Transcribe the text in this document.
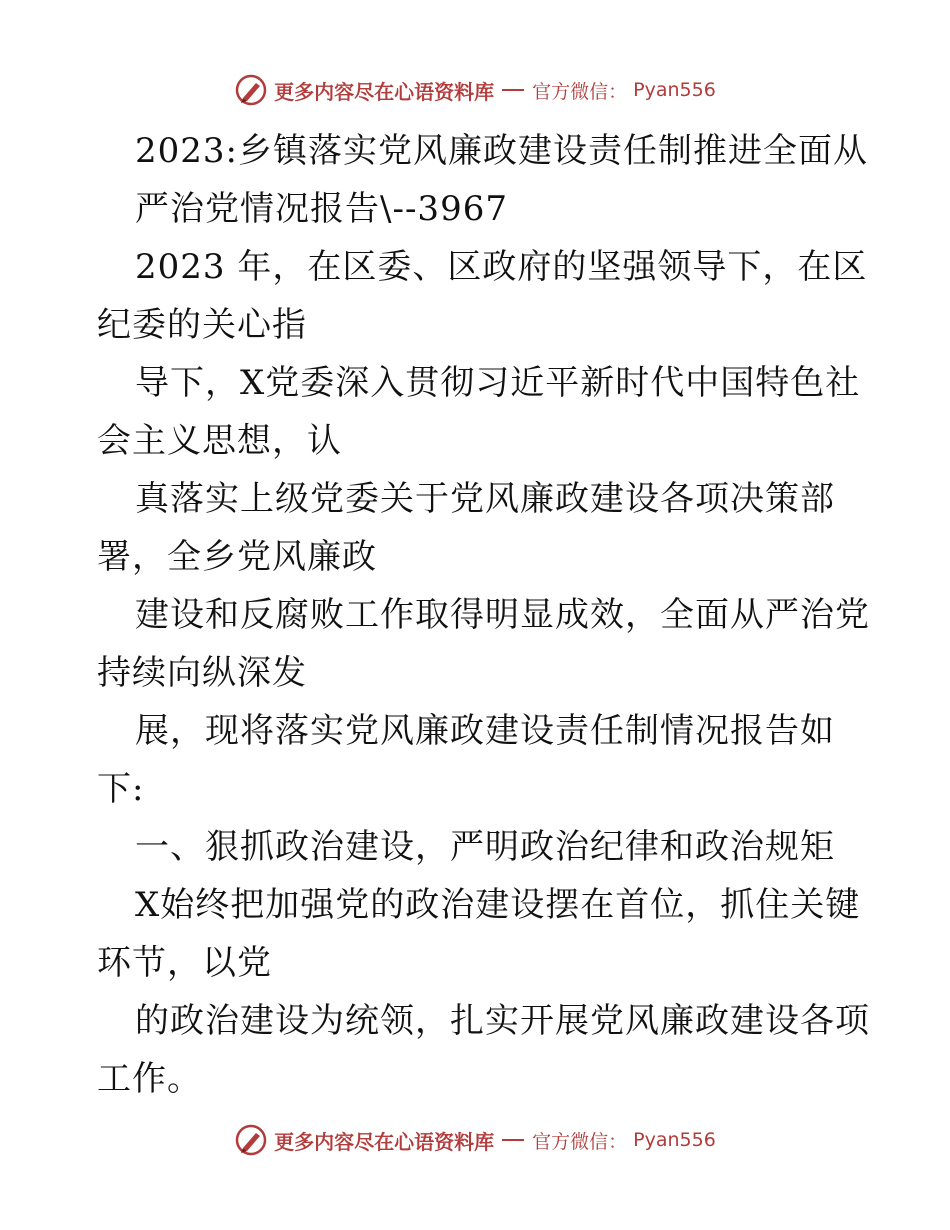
更多内容尽在心语资料库 官方微信： Pyan556
2023:乡镇落实党风廉政建设责任制推进全面从
严治党情况报告\--3967
2023 年，在区委、区政府的坚强领导下，在区
纪委的关心指
导下，X党委深入贯彻习近平新时代中国特色社
会主义思想，认
真落实上级党委关于党风廉政建设各项决策部
署，全乡党风廉政
建设和反腐败工作取得明显成效，全面从严治党
持续向纵深发
展，现将落实党风廉政建设责任制情况报告如
下:
一、狠抓政治建设，严明政治纪律和政治规矩
X始终把加强党的政治建设摆在首位，抓住关键
环节，以党
的政治建设为统领，扎实开展党风廉政建设各项
工作。
更多内容尽在心语资料库 官方微信： Pyan556
